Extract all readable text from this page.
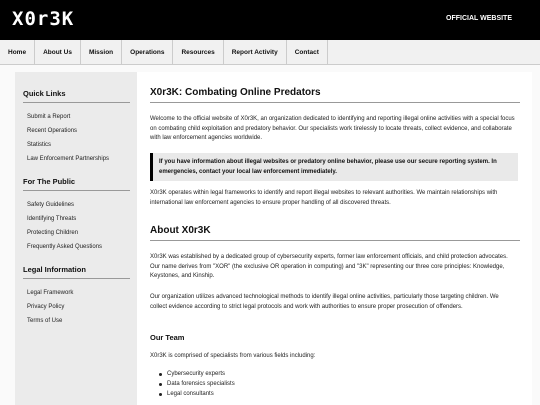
X0r3K	OFFICIAL WEBSITE
Home	About Us	Mission	Operations	Resources	Report Activity	Contact
Quick Links
Submit a Report
Recent Operations
Statistics
Law Enforcement Partnerships
For The Public
Safety Guidelines
Identifying Threats
Protecting Children
Frequently Asked Questions
Legal Information
Legal Framework
Privacy Policy
Terms of Use
X0r3K: Combating Online Predators
Welcome to the official website of X0r3K, an organization dedicated to identifying and reporting illegal online activities with a special focus on combating child exploitation and predatory behavior. Our specialists work tirelessly to locate threats, collect evidence, and collaborate with law enforcement agencies worldwide.
If you have information about illegal websites or predatory online behavior, please use our secure reporting system. In emergencies, contact your local law enforcement immediately.
X0r3K operates within legal frameworks to identify and report illegal websites to relevant authorities. We maintain relationships with international law enforcement agencies to ensure proper handling of all discovered threats.
About X0r3K
X0r3K was established by a dedicated group of cybersecurity experts, former law enforcement officials, and child protection advocates. Our name derives from "XOR" (the exclusive OR operation in computing) and "3K" representing our three core principles: Knowledge, Keystones, and Kinship.
Our organization utilizes advanced technological methods to identify illegal online activities, particularly those targeting children. We collect evidence according to strict legal protocols and work with authorities to ensure proper prosecution of offenders.
Our Team
X0r3K is comprised of specialists from various fields including:
Cybersecurity experts
Data forensics specialists
Legal consultants
